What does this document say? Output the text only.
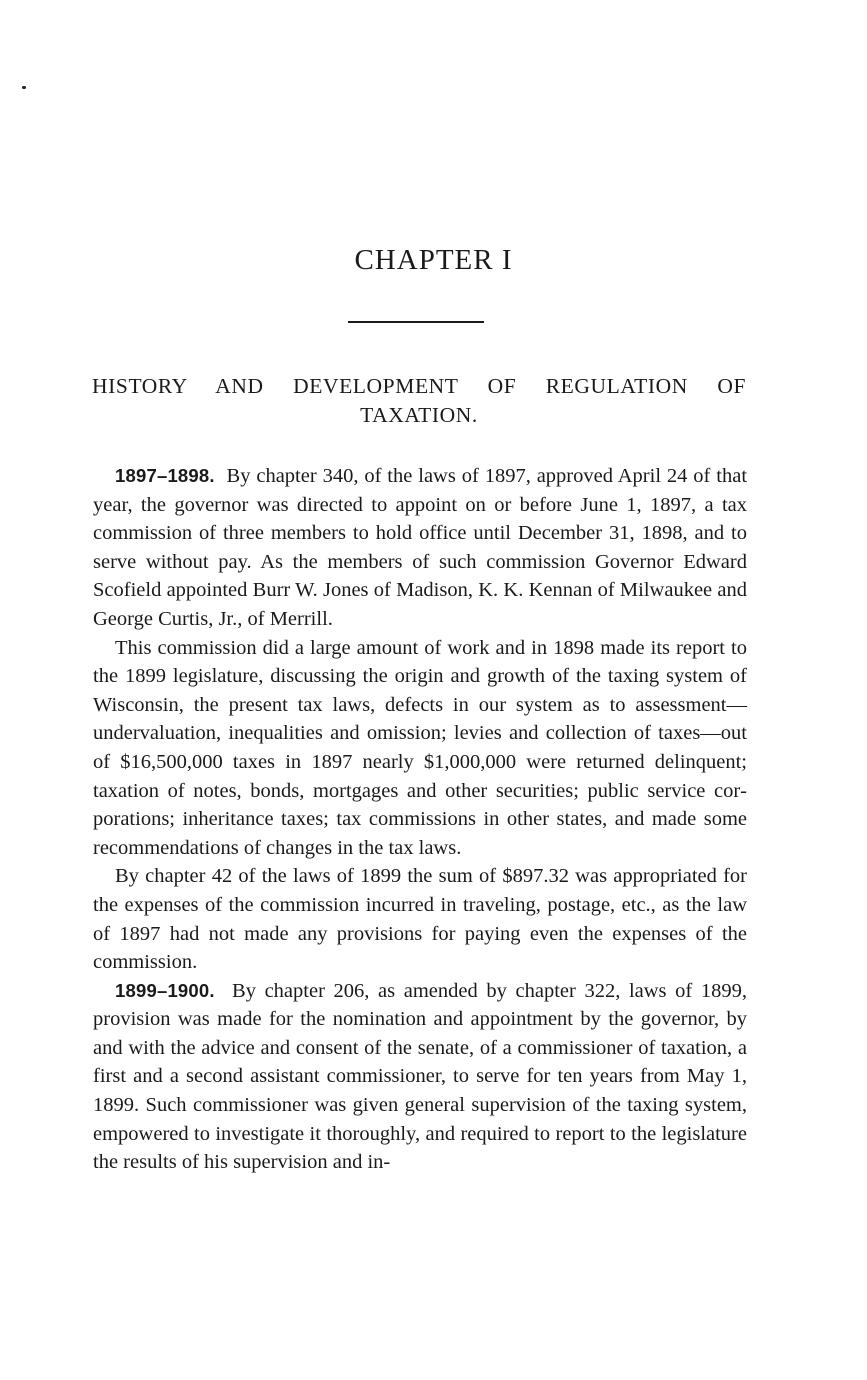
CHAPTER I
HISTORY AND DEVELOPMENT OF REGULATION OF TAXATION.

1897–1898. By chapter 340, of the laws of 1897, approved April 24 of that year, the governor was directed to appoint on or before June 1, 1897, a tax commission of three members to hold office until December 31, 1898, and to serve without pay. As the members of such commission Governor Edward Scofield appointed Burr W. Jones of Madison, K. K. Kennan of Milwaukee and George Curtis, Jr., of Merrill.

This commission did a large amount of work and in 1898 made its report to the 1899 legislature, discussing the origin and growth of the taxing system of Wisconsin, the present tax laws, defects in our system as to assessment—undervaluation, inequalities and omission; levies and collection of taxes—out of $16,500,000 taxes in 1897 nearly $1,000,000 were returned delinquent; taxation of notes, bonds, mortgages and other securities; public service corporations; inheritance taxes; tax commissions in other states, and made some recommendations of changes in the tax laws.

By chapter 42 of the laws of 1899 the sum of $897.32 was appropriated for the expenses of the commission incurred in traveling, postage, etc., as the law of 1897 had not made any provisions for paying even the expenses of the commission.

1899–1900. By chapter 206, as amended by chapter 322, laws of 1899, provision was made for the nomination and appointment by the governor, by and with the advice and consent of the senate, of a commissioner of taxation, a first and a second assistant commissioner, to serve for ten years from May 1, 1899. Such commissioner was given general supervision of the taxing system, empowered to investigate it thoroughly, and required to report to the legislature the results of his supervision and in-
